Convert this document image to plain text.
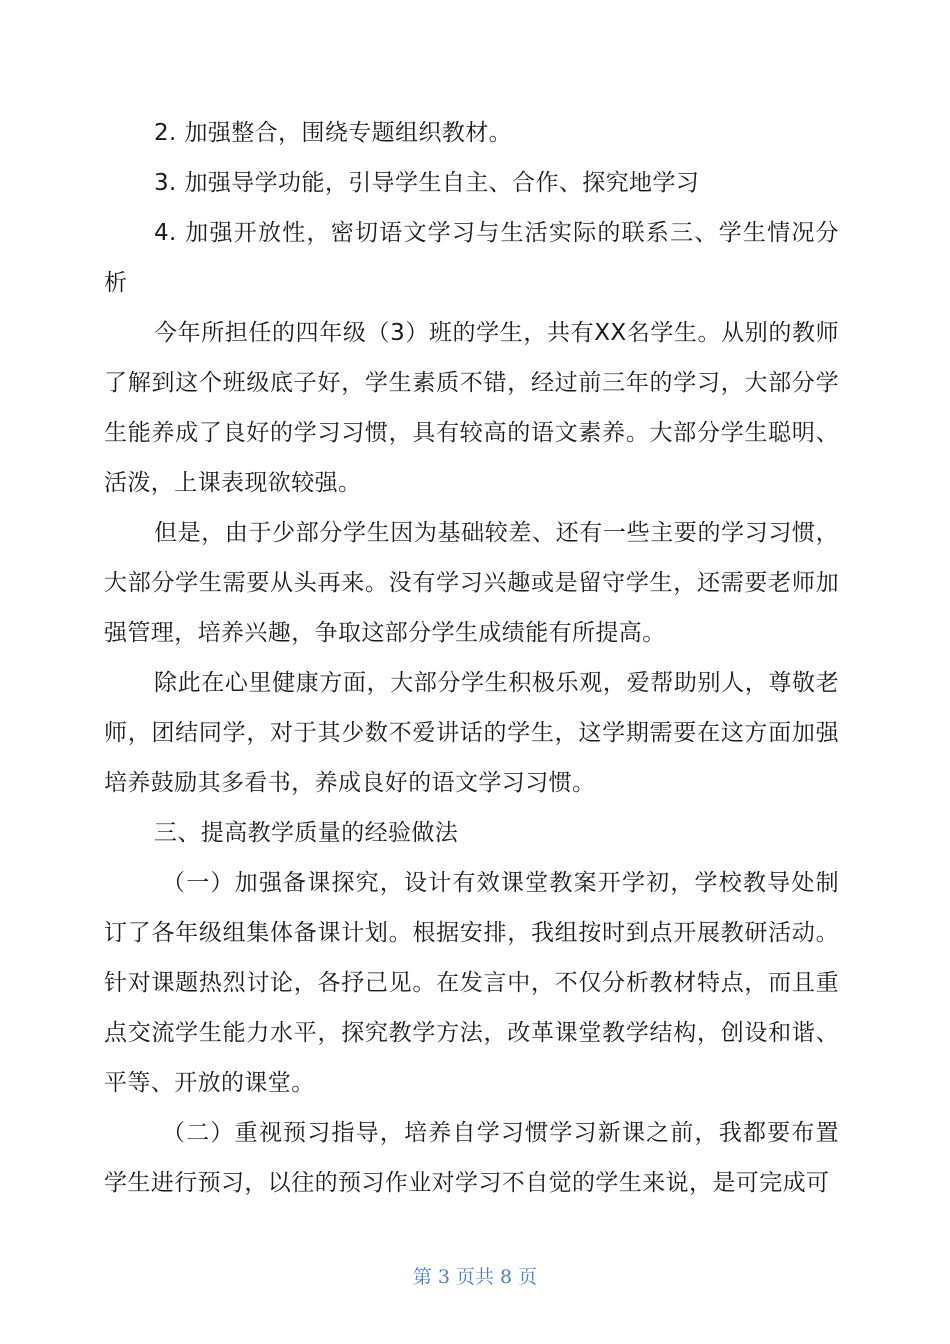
2. 加强整合，围绕专题组织教材。

3. 加强导学功能，引导学生自主、合作、探究地学习

4. 加强开放性，密切语文学习与生活实际的联系三、学生情况分析

今年所担任的四年级（3）班的学生，共有XX名学生。从别的教师了解到这个班级底子好，学生素质不错，经过前三年的学习，大部分学生能养成了良好的学习习惯，具有较高的语文素养。大部分学生聪明、活泼，上课表现欲较强。

但是，由于少部分学生因为基础较差、还有一些主要的学习习惯，大部分学生需要从头再来。没有学习兴趣或是留守学生，还需要老师加强管理，培养兴趣，争取这部分学生成绩能有所提高。

除此在心里健康方面，大部分学生积极乐观，爱帮助别人，尊敬老师，团结同学，对于其少数不爱讲话的学生，这学期需要在这方面加强培养鼓励其多看书，养成良好的语文学习习惯。

三、提高教学质量的经验做法

（一）加强备课探究，设计有效课堂教案开学初，学校教导处制订了各年级组集体备课计划。根据安排，我组按时到点开展教研活动。针对课题热烈讨论，各抒己见。在发言中，不仅分析教材特点，而且重点交流学生能力水平，探究教学方法，改革课堂教学结构，创设和谐、平等、开放的课堂。

（二）重视预习指导，培养自学习惯学习新课之前，我都要布置学生进行预习，以往的预习作业对学习不自觉的学生来说，是可完成可

第 3 页共 8 页
